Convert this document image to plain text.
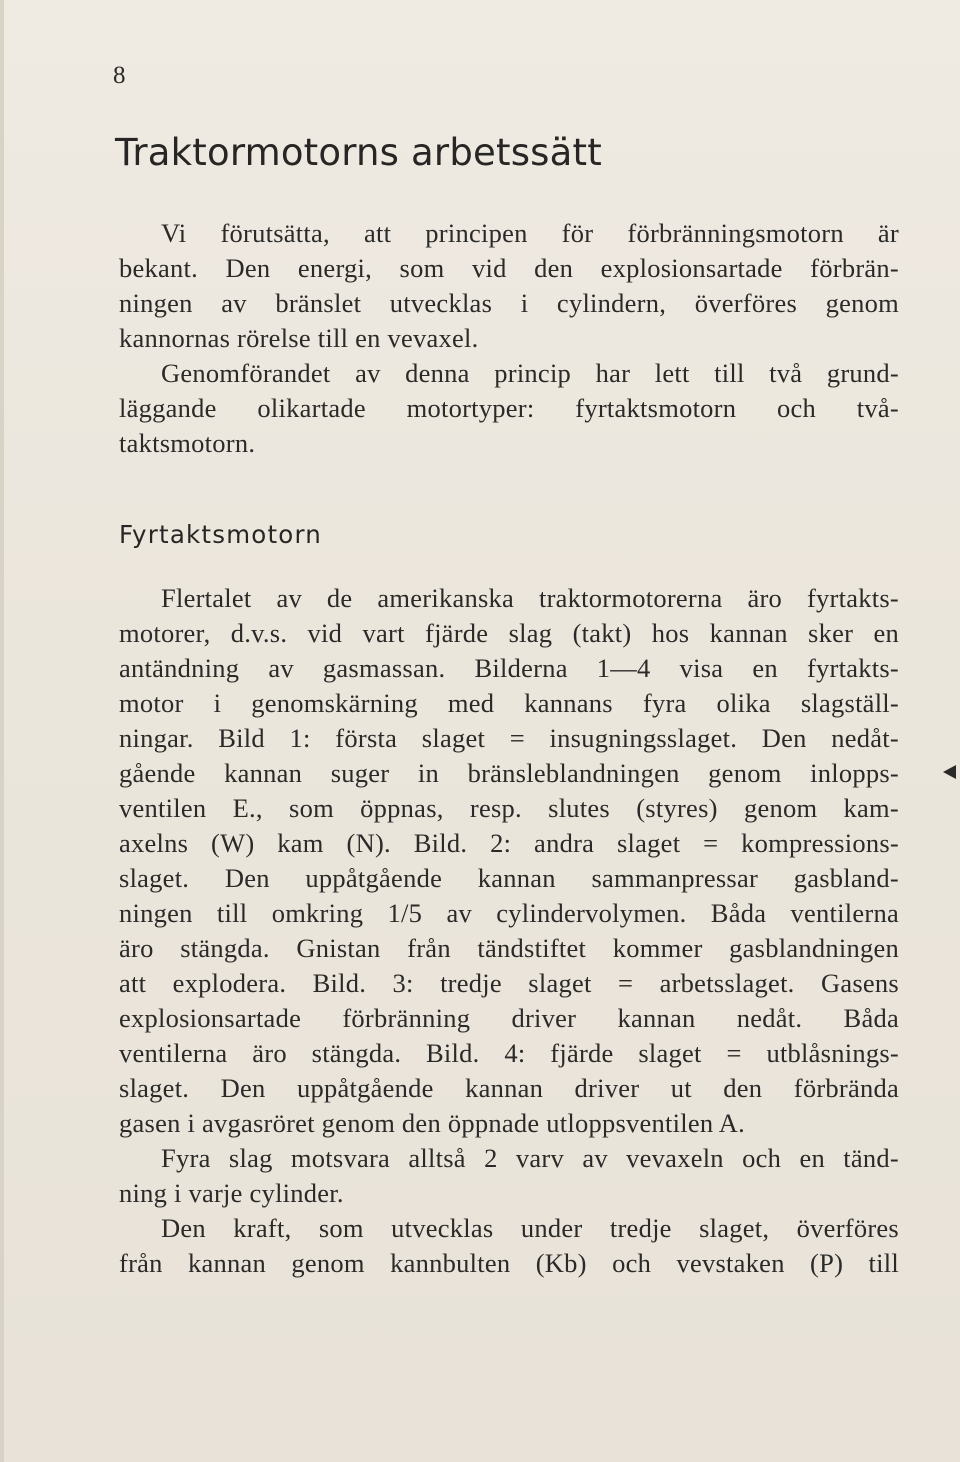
8
Traktormotorns arbetssätt
Vi förutsätta, att principen för förbränningsmotorn är
bekant. Den energi, som vid den explosionsartade förbrän-
ningen av bränslet utvecklas i cylindern, överföres genom
kannornas rörelse till en vevaxel.
Genomförandet av denna princip har lett till två grund-
läggande olikartade motortyper: fyrtaktsmotorn och två-
taktsmotorn.
Fyrtaktsmotorn
Flertalet av de amerikanska traktormotorerna äro fyrtakts-
motorer, d.v.s. vid vart fjärde slag (takt) hos kannan sker en
antändning av gasmassan. Bilderna 1—4 visa en fyrtakts-
motor i genomskärning med kannans fyra olika slagställ-
ningar. Bild 1: första slaget = insugningsslaget. Den nedåt-
gående kannan suger in bränsleblandningen genom inlopps-
ventilen E., som öppnas, resp. slutes (styres) genom kam-
axelns (W) kam (N). Bild. 2: andra slaget = kompressions-
slaget. Den uppåtgående kannan sammanpressar gasbland-
ningen till omkring 1/5 av cylindervolymen. Båda ventilerna
äro stängda. Gnistan från tändstiftet kommer gasblandningen
att explodera. Bild. 3: tredje slaget = arbetsslaget. Gasens
explosionsartade förbränning driver kannan nedåt. Båda
ventilerna äro stängda. Bild. 4: fjärde slaget = utblåsnings-
slaget. Den uppåtgående kannan driver ut den förbrända
gasen i avgasröret genom den öppnade utloppsventilen A.
Fyra slag motsvara alltså 2 varv av vevaxeln och en tänd-
ning i varje cylinder.
Den kraft, som utvecklas under tredje slaget, överföres
från kannan genom kannbulten (Kb) och vevstaken (P) till
